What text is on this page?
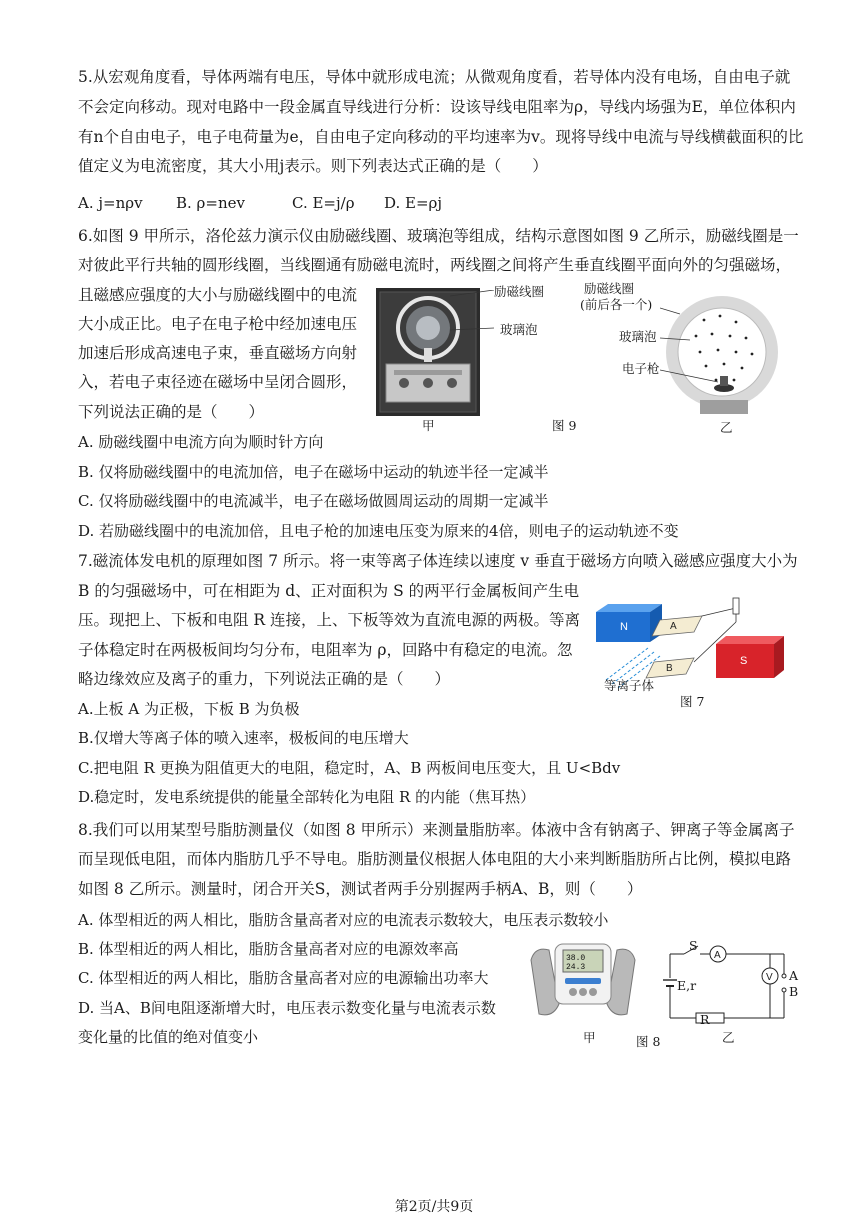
5.从宏观角度看，导体两端有电压，导体中就形成电流；从微观角度看，若导体内没有电场，自由电子就
不会定向移动。现对电路中一段金属直导线进行分析：设该导线电阻率为ρ，导线内场强为E，单位体积内
有n个自由电子，电子电荷量为e，自由电子定向移动的平均速率为v。现将导线中电流与导线横截面积的比
值定义为电流密度，其大小用j表示。则下列表达式正确的是（　　）
A. j=nρv B. ρ=nev	C. E=j/ρ D. E=ρj
6.如图 9 甲所示，洛伦兹力演示仪由励磁线圈、玻璃泡等组成，结构示意图如图 9 乙所示，励磁线圈是一
对彼此平行共轴的圆形线圈，当线圈通有励磁电流时，两线圈之间将产生垂直线圈平面向外的匀强磁场，
且磁感应强度的大小与励磁线圈中的电流
大小成正比。电子在电子枪中经加速电压
加速后形成高速电子束，垂直磁场方向射
入，若电子束径迹在磁场中呈闭合圆形，
下列说法正确的是（　　）
励磁线圈
玻璃泡
甲	图 9
励磁线圈
(前后各一个)
玻璃泡
电子枪
乙
A. 励磁线圈中电流方向为顺时针方向
B. 仅将励磁线圈中的电流加倍，电子在磁场中运动的轨迹半径一定减半
C. 仅将励磁线圈中的电流减半，电子在磁场做圆周运动的周期一定减半
D. 若励磁线圈中的电流加倍，且电子枪的加速电压变为原来的4倍，则电子的运动轨迹不变
7.磁流体发电机的原理如图 7 所示。将一束等离子体连续以速度 v 垂直于磁场方向喷入磁感应强度大小为
B 的匀强磁场中，可在相距为 d、正对面积为 S 的两平行金属板间产生电
压。现把上、下板和电阻 R 连接，上、下板等效为直流电源的两极。等离
子体稳定时在两极板间均匀分布，电阻率为 ρ，回路中有稳定的电流。忽
略边缘效应及离子的重力，下列说法正确的是（　　）
N	A
B
S
等离子体
图 7
A.上板 A 为正极，下板 B 为负极
B.仅增大等离子体的喷入速率，极板间的电压增大
C.把电阻 R 更换为阻值更大的电阻，稳定时，A、B 两板间电压变大，且 U<Bdv
D.稳定时，发电系统提供的能量全部转化为电阻 R 的内能（焦耳热）
8.我们可以用某型号脂肪测量仪（如图 8 甲所示）来测量脂肪率。体液中含有钠离子、钾离子等金属离子
而呈现低电阻，而体内脂肪几乎不导电。脂肪测量仪根据人体电阻的大小来判断脂肪所占比例，模拟电路
如图 8 乙所示。测量时，闭合开关S，测试者两手分别握两手柄A、B，则（　　）
A. 体型相近的两人相比，脂肪含量高者对应的电流表示数较大，电压表示数较小
B. 体型相近的两人相比，脂肪含量高者对应的电源效率高
C. 体型相近的两人相比，脂肪含量高者对应的电源输出功率大
D. 当A、B间电阻逐渐增大时，电压表示数变化量与电流表示数
变化量的比值的绝对值变小
38.0
24.3
甲	图 8
A
V
S
E,r
R
A
B
乙
第2页/共9页
